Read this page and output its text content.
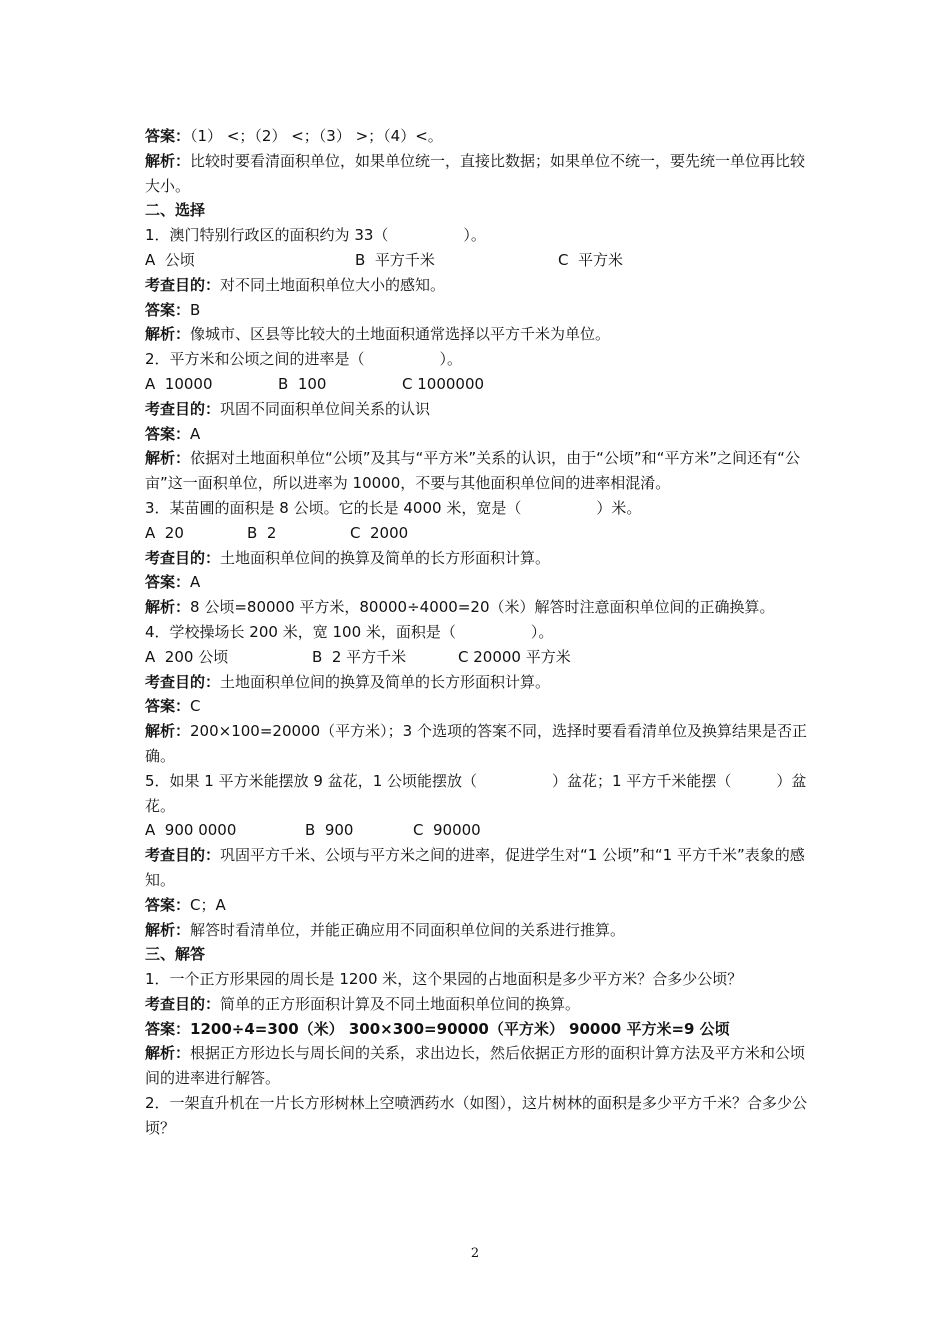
答案：（1） <；（2） <；（3） >；（4）<。
解析：比较时要看清面积单位，如果单位统一，直接比数据；如果单位不统一，要先统一单位再比较大小。
二、选择
1．澳门特别行政区的面积约为 33（　　　　　）。
A  公顷	B  平方千米	C  平方米
考查目的：对不同土地面积单位大小的感知。
答案：B
解析：像城市、区县等比较大的土地面积通常选择以平方千米为单位。
2．平方米和公顷之间的进率是（　　　　　）。
A  10000	B  100	C 1000000
考查目的：巩固不同面积单位间关系的认识
答案：A
解析：依据对土地面积单位“公顷”及其与“平方米”关系的认识，由于“公顷”和“平方米”之间还有“公亩”这一面积单位，所以进率为 10000，不要与其他面积单位间的进率相混淆。
3．某苗圃的面积是 8 公顷。它的长是 4000 米，宽是（　　　　　）米。
A  20	B  2	C  2000
考查目的：土地面积单位间的换算及简单的长方形面积计算。
答案：A
解析：8 公顷=80000 平方米，80000÷4000=20（米）解答时注意面积单位间的正确换算。
4．学校操场长 200 米，宽 100 米，面积是（　　　　　）。
A  200 公顷	B  2 平方千米	C 20000 平方米
考查目的：土地面积单位间的换算及简单的长方形面积计算。
答案：C
解析：200×100=20000（平方米）；3 个选项的答案不同，选择时要看看清单位及换算结果是否正确。
5．如果 1 平方米能摆放 9 盆花，1 公顷能摆放（　　　　　）盆花；1 平方千米能摆（　　　）盆花。
A  900 0000	B  900	C  90000
考查目的：巩固平方千米、公顷与平方米之间的进率，促进学生对“1 公顷”和“1 平方千米”表象的感知。
答案：C；A
解析：解答时看清单位，并能正确应用不同面积单位间的关系进行推算。
三、解答
1．一个正方形果园的周长是 1200 米，这个果园的占地面积是多少平方米？合多少公顷？
考查目的：简单的正方形面积计算及不同土地面积单位间的换算。
答案：1200÷4=300（米） 300×300=90000（平方米） 90000 平方米=9 公顷
解析：根据正方形边长与周长间的关系，求出边长，然后依据正方形的面积计算方法及平方米和公顷间的进率进行解答。
2．一架直升机在一片长方形树林上空喷洒药水（如图），这片树林的面积是多少平方千米？合多少公顷？
2
